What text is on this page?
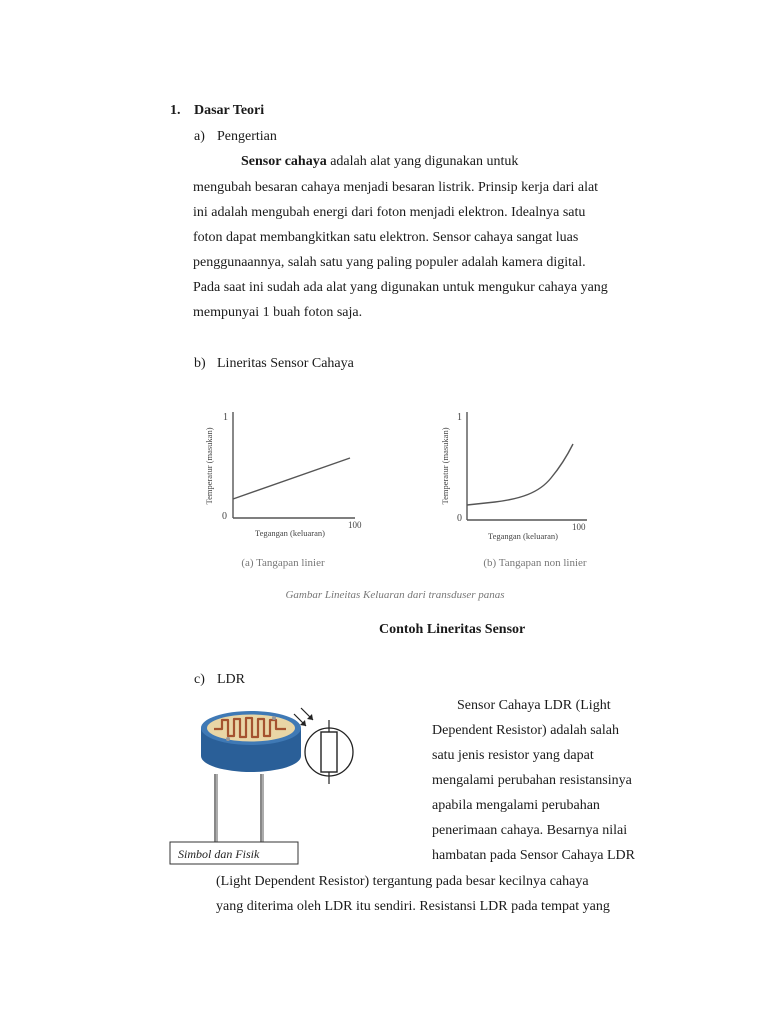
1. Dasar Teori
a) Pengertian
Sensor cahaya adalah alat yang digunakan untuk
mengubah besaran cahaya menjadi besaran listrik. Prinsip kerja dari alat
ini adalah mengubah energi dari foton menjadi elektron. Idealnya satu
foton dapat membangkitkan satu elektron. Sensor cahaya sangat luas
penggunaannya, salah satu yang paling populer adalah kamera digital.
Pada saat ini sudah ada alat yang digunakan untuk mengukur cahaya yang
mempunyai 1 buah foton saja.
b) Lineritas Sensor Cahaya
1
0
100
Temperatur (masukan)
Tegangan (keluaran)
(a) Tangapan linier
1
0
100
Temperatur (masukan)
Tegangan (keluaran)
(b) Tangapan non linier
Gambar Lineitas Keluaran dari transduser panas
Contoh Lineritas Sensor
c) LDR
Simbol dan Fisik
Sensor Cahaya LDR (Light
Dependent Resistor) adalah salah
satu jenis resistor yang dapat
mengalami perubahan resistansinya
apabila mengalami perubahan
penerimaan cahaya. Besarnya nilai
hambatan pada Sensor Cahaya LDR
(Light Dependent Resistor) tergantung pada besar kecilnya cahaya
yang diterima oleh LDR itu sendiri. Resistansi LDR pada tempat yang
